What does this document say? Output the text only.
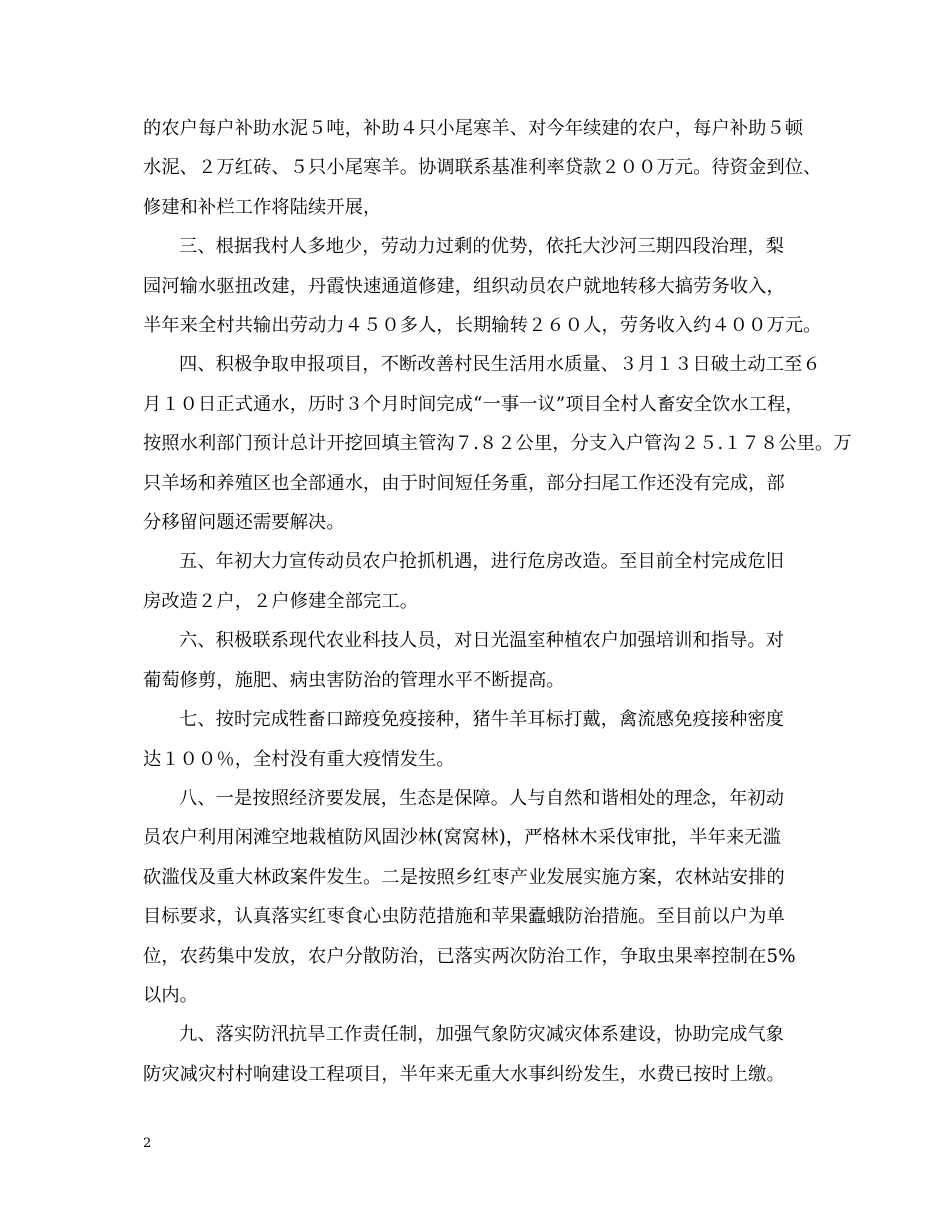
的农户每户补助水泥５吨，补助４只小尾寒羊、对今年续建的农户，每户补助５顿
水泥、２万红砖、５只小尾寒羊。协调联系基准利率贷款２００万元。待资金到位、
修建和补栏工作将陆续开展，
三、根据我村人多地少，劳动力过剩的优势，依托大沙河三期四段治理，梨
园河输水驱扭改建，丹霞快速通道修建，组织动员农户就地转移大搞劳务收入，
半年来全村共输出劳动力４５０多人，长期输转２６０人，劳务收入约４００万元。
四、积极争取申报项目，不断改善村民生活用水质量、３月１３日破土动工至６
月１０日正式通水，历时３个月时间完成“一事一议”项目全村人畜安全饮水工程，
按照水利部门预计总计开挖回填主管沟７.８２公里，分支入户管沟２５.１７８公里。万
只羊场和养殖区也全部通水，由于时间短任务重，部分扫尾工作还没有完成，部
分移留问题还需要解决。
五、年初大力宣传动员农户抢抓机遇，进行危房改造。至目前全村完成危旧
房改造２户，２户修建全部完工。
六、积极联系现代农业科技人员，对日光温室种植农户加强培训和指导。对
葡萄修剪，施肥、病虫害防治的管理水平不断提高。
七、按时完成牲畜口蹄疫免疫接种，猪牛羊耳标打戴，禽流感免疫接种密度
达１００％，全村没有重大疫情发生。
八、一是按照经济要发展，生态是保障。人与自然和谐相处的理念，年初动
员农户利用闲滩空地栽植防风固沙林(窝窝林)，严格林木采伐审批，半年来无滥
砍滥伐及重大林政案件发生。二是按照乡红枣产业发展实施方案，农林站安排的
目标要求，认真落实红枣食心虫防范措施和苹果蠹蛾防治措施。至目前以户为单
位，农药集中发放，农户分散防治，已落实两次防治工作，争取虫果率控制在5%
以内。
九、落实防汛抗旱工作责任制，加强气象防灾减灾体系建设，协助完成气象
防灾减灾村村响建设工程项目，半年来无重大水事纠纷发生，水费已按时上缴。
2
